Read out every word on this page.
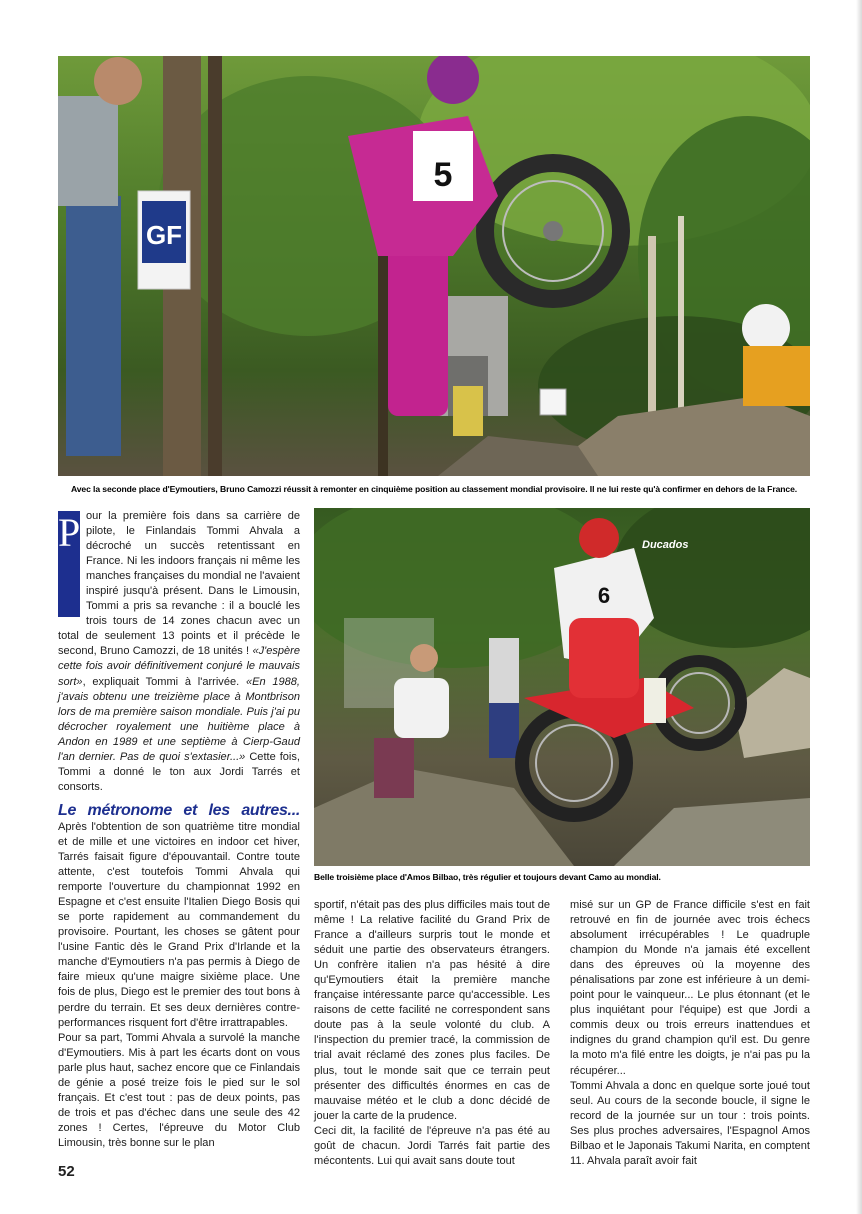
GF
5
Avec la seconde place d'Eymoutiers, Bruno Camozzi réussit à remonter en cinquième position au classement mondial provisoire. Il ne lui reste qu'à confirmer en dehors de la France.
6
Ducados
Belle troisième place d'Amos Bilbao, très régulier et toujours devant Camo au mondial.

P our la première fois dans sa carrière de pilote, le Finlandais Tommi Ahvala a décroché un succès retentissant en France. Ni les indoors français ni même les manches françaises du mondial ne l'avaient inspiré jusqu'à présent. Dans le Limousin, Tommi a pris sa revanche : il a bouclé les trois tours de 14 zones chacun avec un total de seulement 13 points et il précède le second, Bruno Camozzi, de 18 unités ! «J'espère cette fois avoir définitivement conjuré le mauvais sort», expliquait Tommi à l'arrivée. «En 1988, j'avais obtenu une treizième place à Montbrison lors de ma première saison mondiale. Puis j'ai pu décrocher royalement une huitième place à Andon en 1989 et une septième à Cierp-Gaud l'an dernier. Pas de quoi s'extasier...» Cette fois, Tommi a donné le ton aux Jordi Tarrés et consorts.

Le métronome et les autres... Après l'obtention de son quatrième titre mondial et de mille et une victoires en indoor cet hiver, Tarrés faisait figure d'épouvantail. Contre toute attente, c'est toutefois Tommi Ahvala qui remporte l'ouverture du championnat 1992 en Espagne et c'est ensuite l'Italien Diego Bosis qui se porte rapidement au commandement du provisoire. Pourtant, les choses se gâtent pour l'usine Fantic dès le Grand Prix d'Irlande et la manche d'Eymoutiers n'a pas permis à Diego de faire mieux qu'une maigre sixième place. Une fois de plus, Diego est le premier des tout bons à perdre du terrain. Et ses deux dernières contre-performances risquent fort d'être irrattrapables.

Pour sa part, Tommi Ahvala a survolé la manche d'Eymoutiers. Mis à part les écarts dont on vous parle plus haut, sachez encore que ce Finlandais de génie a posé treize fois le pied sur le sol français. Et c'est tout : pas de deux points, pas de trois et pas d'échec dans une seule des 42 zones ! Certes, l'épreuve du Motor Club Limousin, très bonne sur le plan

sportif, n'était pas des plus difficiles mais tout de même ! La relative facilité du Grand Prix de France a d'ailleurs surpris tout le monde et séduit une partie des observateurs étrangers. Un confrère italien n'a pas hésité à dire qu'Eymoutiers était la première manche française intéressante parce qu'accessible. Les raisons de cette facilité ne correspondent sans doute pas à la seule volonté du club. A l'inspection du premier tracé, la commission de trial avait réclamé des zones plus faciles. De plus, tout le monde sait que ce terrain peut présenter des difficultés énormes en cas de mauvaise météo et le club a donc décidé de jouer la carte de la prudence.

Ceci dit, la facilité de l'épreuve n'a pas été au goût de chacun. Jordi Tarrés fait partie des mécontents. Lui qui avait sans doute tout

misé sur un GP de France difficile s'est en fait retrouvé en fin de journée avec trois échecs absolument irrécupérables ! Le quadruple champion du Monde n'a jamais été excellent dans des épreuves où la moyenne des pénalisations par zone est inférieure à un demi-point pour le vainqueur... Le plus étonnant (et le plus inquiétant pour l'équipe) est que Jordi a commis deux ou trois erreurs inattendues et indignes du grand champion qu'il est. Du genre la moto m'a filé entre les doigts, je n'ai pas pu la récupérer...

Tommi Ahvala a donc en quelque sorte joué tout seul. Au cours de la seconde boucle, il signe le record de la journée sur un tour : trois points. Ses plus proches adversaires, l'Espagnol Amos Bilbao et le Japonais Takumi Narita, en comptent 11. Ahvala paraît avoir fait

52
